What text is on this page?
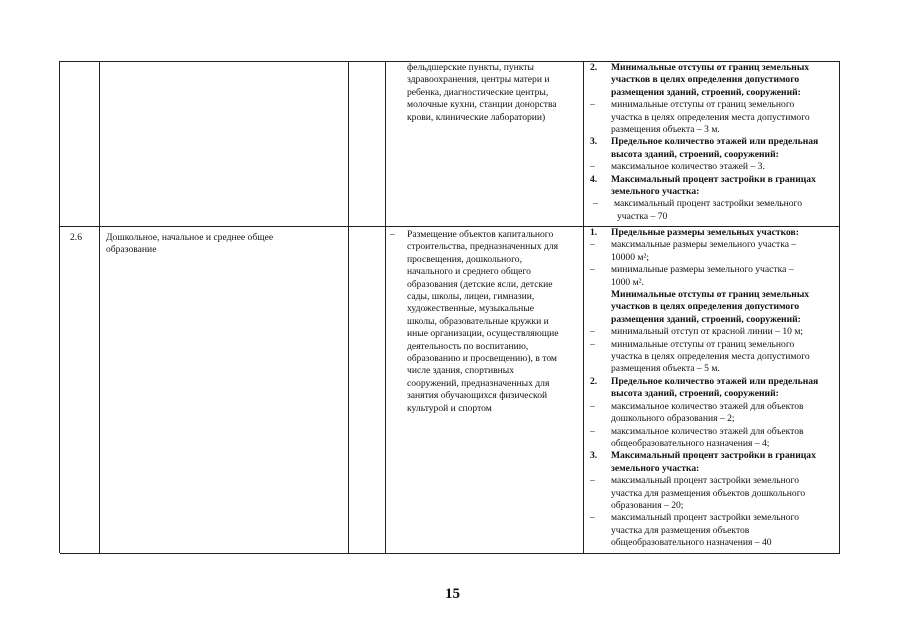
фельдшерские пункты, пункты
здравоохранения, центры матери и
ребенка, диагностические центры,
молочные кухни, станции донорства
крови, клинические лаборатории)
2. Минимальные отступы от границ земельных
участков в целях определения допустимого
размещения зданий, строений, сооружений:
– минимальные отступы от границ земельного
участка в целях определения места допустимого
размещения объекта – 3 м.
3. Предельное количество этажей или предельная
высота зданий, строений, сооружений:
– максимальное количество этажей – 3.
4. Максимальный процент застройки в границах
земельного участка:
– максимальный процент застройки земельного
участка – 70
2.6	Дошкольное, начальное и среднее общее
образование
– Размещение объектов капитального
строительства, предназначенных для
просвещения, дошкольного,
начального и среднего общего
образования (детские ясли, детские
сады, школы, лицеи, гимназии,
художественные, музыкальные
школы, образовательные кружки и
иные организации, осуществляющие
деятельность по воспитанию,
образованию и просвещению), в том
числе здания, спортивных
сооружений, предназначенных для
занятия обучающихся физической
культурой и спортом
1. Предельные размеры земельных участков:
– максимальные размеры земельного участка –
10000 м²;
– минимальные размеры земельного участка –
1000 м².
Минимальные отступы от границ земельных
участков в целях определения допустимого
размещения зданий, строений, сооружений:
– минимальный отступ от красной линии – 10 м;
– минимальные отступы от границ земельного
участка в целях определения места допустимого
размещения объекта – 5 м.
2. Предельное количество этажей или предельная
высота зданий, строений, сооружений:
– максимальное количество этажей для объектов
дошкольного образования – 2;
– максимальное количество этажей для объектов
общеобразовательного назначения – 4;
3. Максимальный процент застройки в границах
земельного участка:
– максимальный процент застройки земельного
участка для размещения объектов дошкольного
образования – 20;
– максимальный процент застройки земельного
участка для размещения объектов
общеобразовательного назначения – 40
15
